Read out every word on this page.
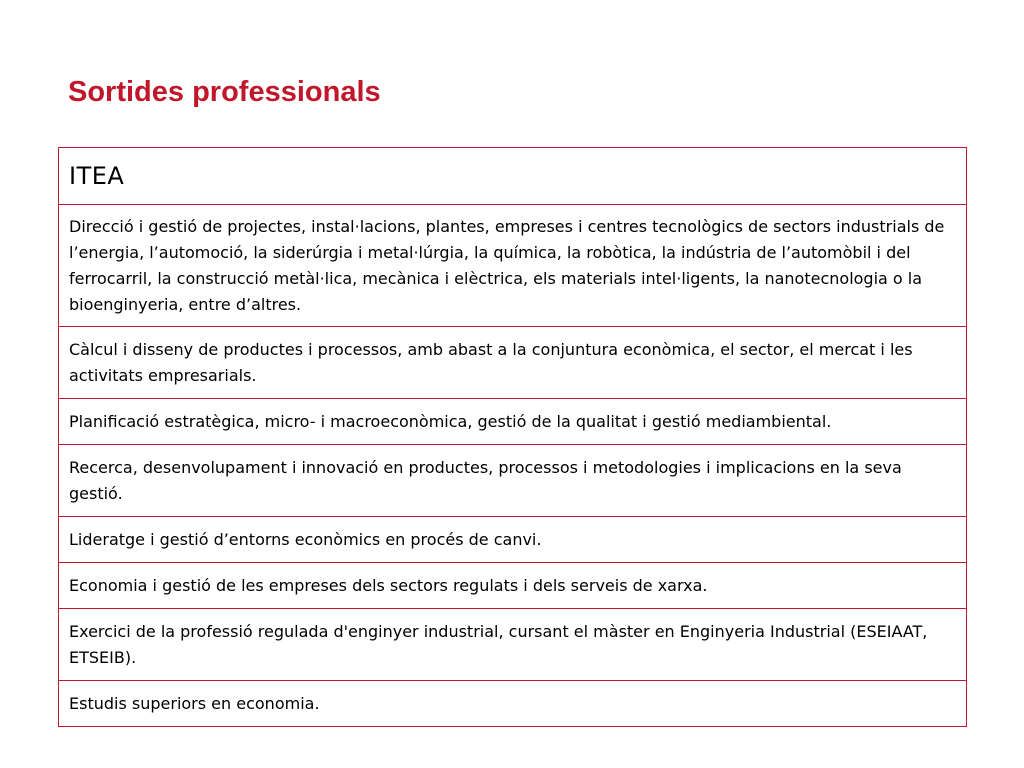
Sortides professionals
ITEA
Direcció i gestió de projectes, instal·lacions, plantes, empreses i centres tecnològics de sectors industrials de l’energia, l’automoció, la siderúrgia i metal·lúrgia, la química, la robòtica, la indústria de l’automòbil i del ferrocarril, la construcció metàl·lica, mecànica i elèctrica, els materials intel·ligents, la nanotecnologia o la bioenginyeria, entre d’altres.
Càlcul i disseny de productes i processos, amb abast a la conjuntura econòmica, el sector, el mercat i les activitats empresarials.
Planificació estratègica, micro- i macroeconòmica, gestió de la qualitat i gestió mediambiental.
Recerca, desenvolupament i innovació en productes, processos i metodologies i implicacions en la seva gestió.
Lideratge i gestió d’entorns econòmics en procés de canvi.
Economia i gestió de les empreses dels sectors regulats i dels serveis de xarxa.
Exercici de la professió regulada d'enginyer industrial, cursant el màster en Enginyeria Industrial (ESEIAAT, ETSEIB).
Estudis superiors en economia.
